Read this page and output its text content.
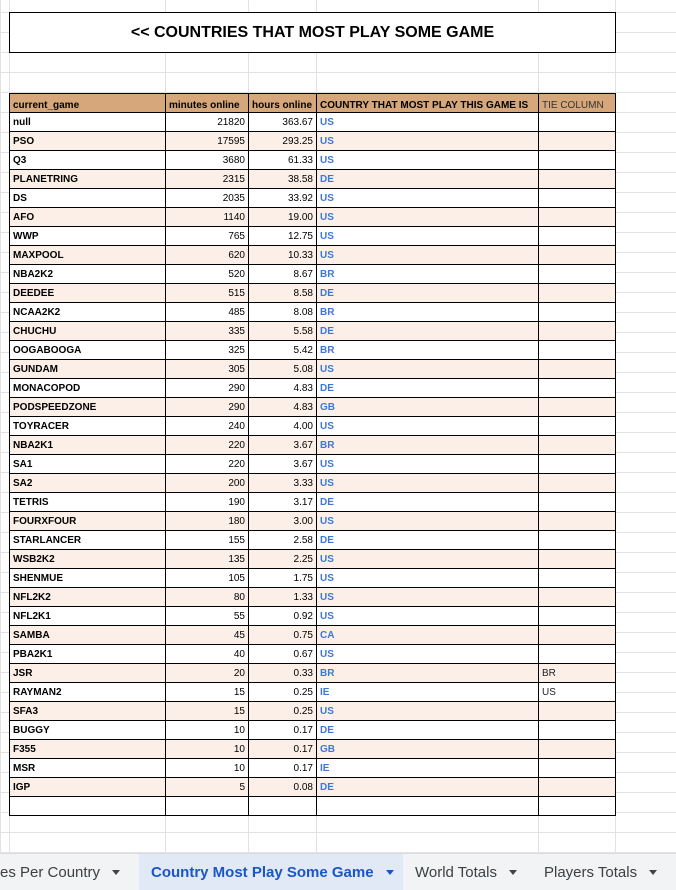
<< COUNTRIES THAT MOST PLAY SOME GAME
current_game	minutes online	hours online	COUNTRY THAT MOST PLAY THIS GAME IS	TIE COLUMN
null	21820	363.67	US	
PSO	17595	293.25	US	
Q3	3680	61.33	US	
PLANETRING	2315	38.58	DE	
DS	2035	33.92	US	
AFO	1140	19.00	US	
WWP	765	12.75	US	
MAXPOOL	620	10.33	US	
NBA2K2	520	8.67	BR	
DEEDEE	515	8.58	DE	
NCAA2K2	485	8.08	BR	
CHUCHU	335	5.58	DE	
OOGABOOGA	325	5.42	BR	
GUNDAM	305	5.08	US	
MONACOPOD	290	4.83	DE	
PODSPEEDZONE	290	4.83	GB	
TOYRACER	240	4.00	US	
NBA2K1	220	3.67	BR	
SA1	220	3.67	US	
SA2	200	3.33	US	
TETRIS	190	3.17	DE	
FOURXFOUR	180	3.00	US	
STARLANCER	155	2.58	DE	
WSB2K2	135	2.25	US	
SHENMUE	105	1.75	US	
NFL2K2	80	1.33	US	
NFL2K1	55	0.92	US	
SAMBA	45	0.75	CA	
PBA2K1	40	0.67	US	
JSR	20	0.33	BR	BR
RAYMAN2	15	0.25	IE	US
SFA3	15	0.25	US	
BUGGY	10	0.17	DE	
F355	10	0.17	GB	
MSR	10	0.17	IE	
IGP	5	0.08	DE	

es Per Country	Country Most Play Some Game	World Totals	Players Totals
